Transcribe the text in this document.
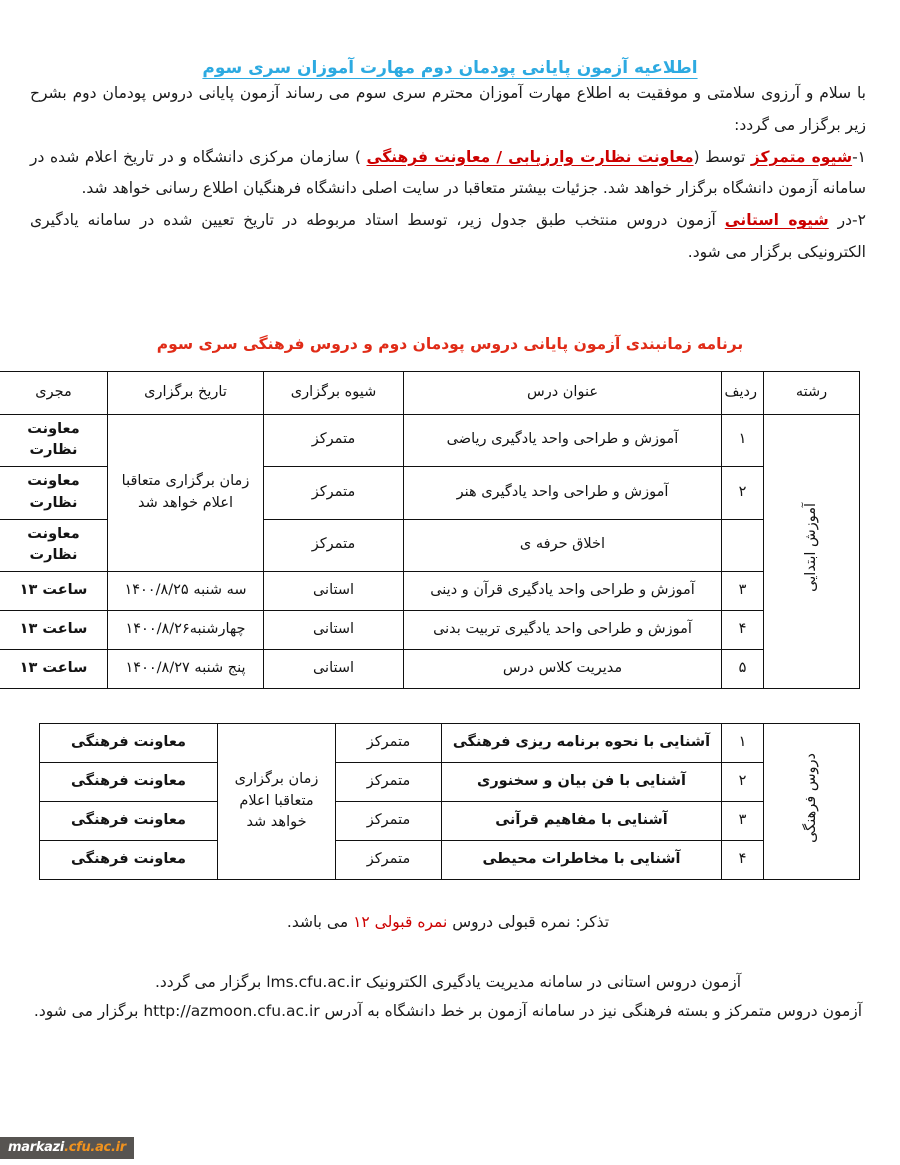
اطلاعیه آزمون پایانی پودمان دوم مهارت آموزان سری سوم

با سلام و آرزوی سلامتی و موفقیت به اطلاع مهارت آموزان محترم سری سوم می رساند آزمون پایانی دروس پودمان دوم بشرح زیر برگزار می گردد:

۱-شیوه متمرکز توسط (معاونت نظارت وارزیابی / معاونت فرهنگی ) سازمان مرکزی دانشگاه و در تاریخ اعلام شده در سامانه آزمون دانشگاه برگزار خواهد شد. جزئیات بیشتر متعاقبا در سایت اصلی دانشگاه فرهنگیان اطلاع رسانی خواهد شد.

۲-در شیوه استانی آزمون دروس منتخب طبق جدول زیر، توسط استاد مربوطه در تاریخ تعیین شده در سامانه یادگیری الکترونیکی برگزار می شود.

برنامه زمانبندی آزمون پایانی دروس پودمان دوم و دروس فرهنگی سری سوم
رشته	ردیف	عنوان درس	شیوه برگزاری	تاریخ برگزاری	مجری
آموزش ابتدایی	۱	آموزش و طراحی واحد یادگیری ریاضی	متمرکز	زمان برگزاری متعاقبا اعلام خواهد شد	معاونت نظارت
	۲	آموزش و طراحی واحد یادگیری هنر	متمرکز		معاونت نظارت
		اخلاق حرفه ی	متمرکز		معاونت نظارت
	۳	آموزش و طراحی واحد یادگیری قرآن و دینی	استانی	سه شنبه ۱۴۰۰/۸/۲۵	ساعت ۱۳
	۴	آموزش و طراحی واحد یادگیری تربیت بدنی	استانی	چهارشنبه۱۴۰۰/۸/۲۶	ساعت ۱۳
	۵	مدیریت کلاس درس	استانی	پنج شنبه ۱۴۰۰/۸/۲۷	ساعت ۱۳
دروس فرهنگی	۱	آشنایی با نحوه برنامه ریزی فرهنگی	متمرکز	زمان برگزاری متعاقبا اعلام خواهد شد	معاونت فرهنگی
	۲	آشنایی با فن بیان و سخنوری	متمرکز		معاونت فرهنگی
	۳	آشنایی با مفاهیم قرآنی	متمرکز		معاونت فرهنگی
	۴	آشنایی با مخاطرات محیطی	متمرکز		معاونت فرهنگی

تذکر: نمره قبولی دروس نمره قبولی ۱۲ می باشد.

آزمون دروس استانی در سامانه مدیریت یادگیری الکترونیک lms.cfu.ac.ir برگزار می گردد.

آزمون دروس متمرکز و بسته فرهنگی نیز در سامانه آزمون بر خط دانشگاه به آدرس http://azmoon.cfu.ac.ir برگزار می شود.

markazi.cfu.ac.ir
